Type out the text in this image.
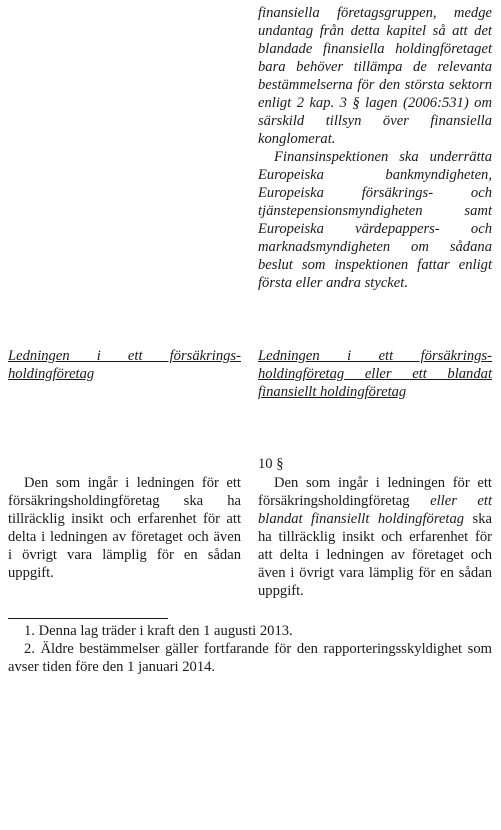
finansiella företagsgruppen, medge undantag från detta kapitel så att det blandade finansiella holdingföretaget bara behöver tillämpa de relevanta bestämmelserna för den största sektorn enligt 2 kap. 3 § lagen (2006:531) om särskild tillsyn över finansiella konglomerat.

Finansinspektionen ska underrätta Europeiska bankmyndigheten, Europeiska försäkrings- och tjänstepensionsmyndigheten samt Europeiska värdepappers- och marknadsmyndigheten om sådana beslut som inspektionen fattar enligt första eller andra stycket.

Ledningen i ett försäkringsholdingföretag
Ledningen i ett försäkringsholdingföretag eller ett blandat finansiellt holdingföretag
10 §

Den som ingår i ledningen för ett försäkringsholdingföretag ska ha tillräcklig insikt och erfarenhet för att delta i ledningen av företaget och även i övrigt vara lämplig för en sådan uppgift.

Den som ingår i ledningen för ett försäkringsholdingföretag eller ett blandat finansiellt holdingföretag ska ha tillräcklig insikt och erfarenhet för att delta i ledningen av företaget och även i övrigt vara lämplig för en sådan uppgift.

1. Denna lag träder i kraft den 1 augusti 2013.

2. Äldre bestämmelser gäller fortfarande för den rapporteringsskyldighet som avser tiden före den 1 januari 2014.
